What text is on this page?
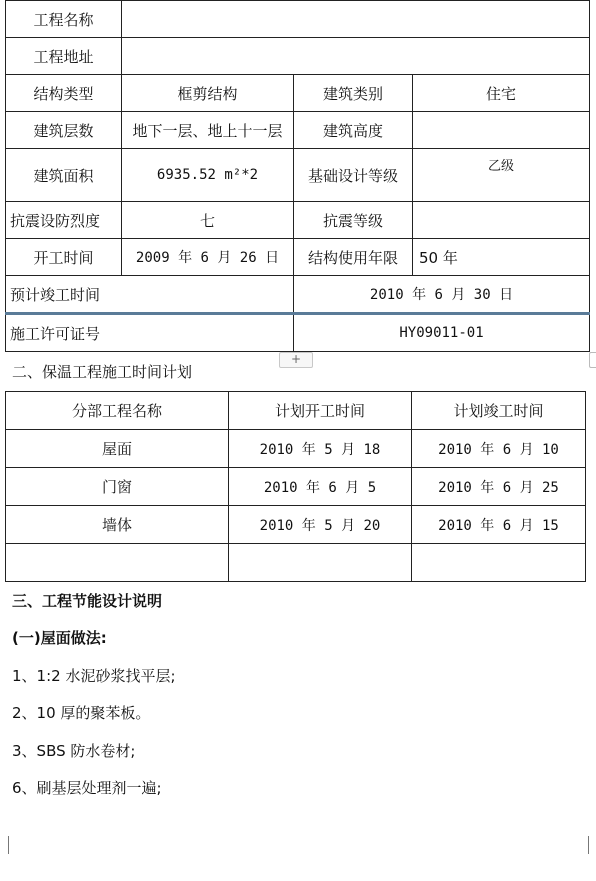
工程名称			
工程地址			
结构类型	框剪结构	建筑类别	住宅
建筑层数	地下一层、地上十一层	建筑高度	
建筑面积	6935.52 m²*2	基础设计等级	乙级
抗震设防烈度	七	抗震等级	
开工时间	2009 年 6 月 26 日	结构使用年限	50 年
预计竣工时间		2010 年 6 月 30 日	
施工许可证号		HY09011-01	
+
二、保温工程施工时间计划
分部工程名称	计划开工时间	计划竣工时间
屋面	2010 年 5 月 18	2010 年 6 月 10
门窗	2010 年 6 月 5	2010 年 6 月 25
墙体	2010 年 5 月 20	2010 年 6 月 15

三、工程节能设计说明
(一)屋面做法:
1、1:2 水泥砂浆找平层;
2、10 厚的聚苯板。
3、SBS 防水卷材;
6、刷基层处理剂一遍;
